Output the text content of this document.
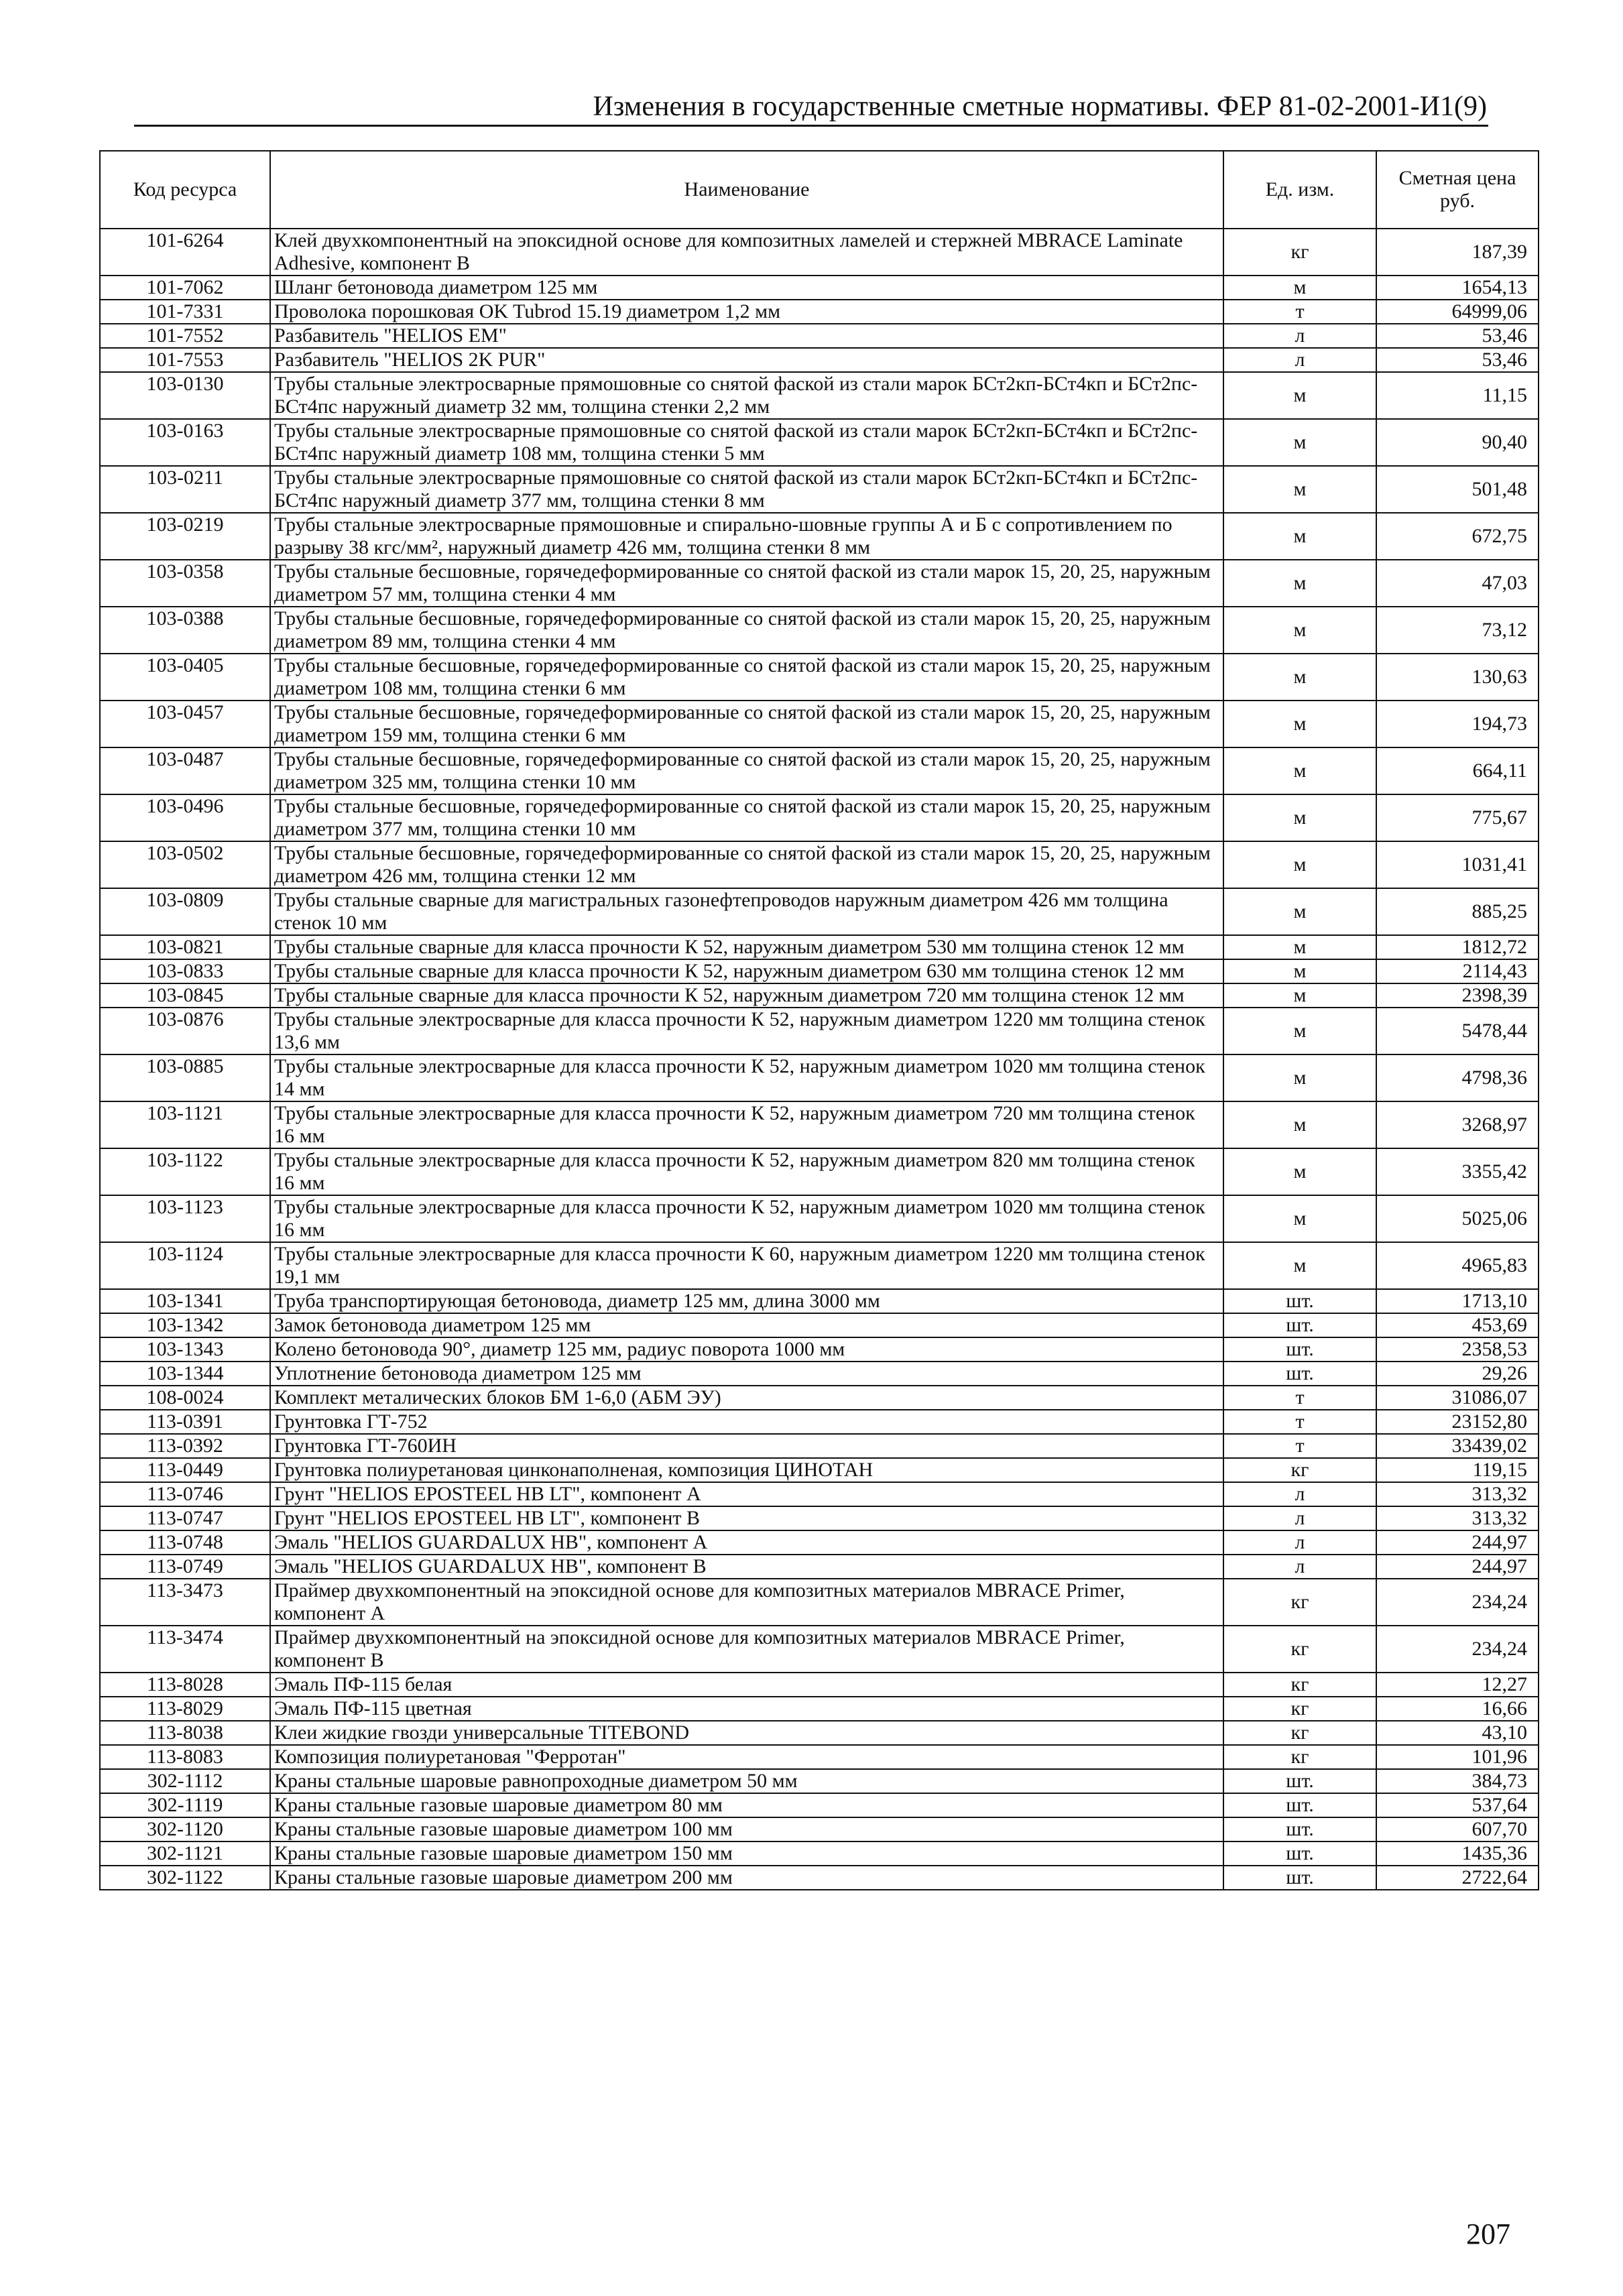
Изменения в государственные сметные нормативы. ФЕР 81-02-2001-И1(9)
Код ресурса	Наименование	Ед. изм.	Сметная цена руб.
101-6264	Клей двухкомпонентный на эпоксидной основе для композитных ламелей и стержней MBRACE Laminate Adhesive, компонент В	кг	187,39
101-7062	Шланг бетоновода диаметром 125 мм	м	1654,13
101-7331	Проволока порошковая OK Tubrod 15.19 диаметром 1,2 мм	т	64999,06
101-7552	Разбавитель "HELIOS EM"	л	53,46
101-7553	Разбавитель "HELIOS 2K PUR"	л	53,46
103-0130	Трубы стальные электросварные прямошовные со снятой фаской из стали марок БСт2кп-БСт4кп и БСт2пс-БСт4пс наружный диаметр 32 мм, толщина стенки 2,2 мм	м	11,15
103-0163	Трубы стальные электросварные прямошовные со снятой фаской из стали марок БСт2кп-БСт4кп и БСт2пс-БСт4пс наружный диаметр 108 мм, толщина стенки 5 мм	м	90,40
103-0211	Трубы стальные электросварные прямошовные со снятой фаской из стали марок БСт2кп-БСт4кп и БСт2пс-БСт4пс наружный диаметр 377 мм, толщина стенки 8 мм	м	501,48
103-0219	Трубы стальные электросварные прямошовные и спирально-шовные группы А и Б с сопротивлением по разрыву 38 кгс/мм², наружный диаметр 426 мм, толщина стенки 8 мм	м	672,75
103-0358	Трубы стальные бесшовные, горячедеформированные со снятой фаской из стали марок 15, 20, 25, наружным диаметром 57 мм, толщина стенки 4 мм	м	47,03
103-0388	Трубы стальные бесшовные, горячедеформированные со снятой фаской из стали марок 15, 20, 25, наружным диаметром 89 мм, толщина стенки 4 мм	м	73,12
103-0405	Трубы стальные бесшовные, горячедеформированные со снятой фаской из стали марок 15, 20, 25, наружным диаметром 108 мм, толщина стенки 6 мм	м	130,63
103-0457	Трубы стальные бесшовные, горячедеформированные со снятой фаской из стали марок 15, 20, 25, наружным диаметром 159 мм, толщина стенки 6 мм	м	194,73
103-0487	Трубы стальные бесшовные, горячедеформированные со снятой фаской из стали марок 15, 20, 25, наружным диаметром 325 мм, толщина стенки 10 мм	м	664,11
103-0496	Трубы стальные бесшовные, горячедеформированные со снятой фаской из стали марок 15, 20, 25, наружным диаметром 377 мм, толщина стенки 10 мм	м	775,67
103-0502	Трубы стальные бесшовные, горячедеформированные со снятой фаской из стали марок 15, 20, 25, наружным диаметром 426 мм, толщина стенки 12 мм	м	1031,41
103-0809	Трубы стальные сварные для магистральных газонефтепроводов наружным диаметром 426 мм толщина стенок 10 мм	м	885,25
103-0821	Трубы стальные сварные для класса прочности К 52, наружным диаметром 530 мм толщина стенок 12 мм	м	1812,72
103-0833	Трубы стальные сварные для класса прочности К 52, наружным диаметром 630 мм толщина стенок 12 мм	м	2114,43
103-0845	Трубы стальные сварные для класса прочности К 52, наружным диаметром 720 мм толщина стенок 12 мм	м	2398,39
103-0876	Трубы стальные электросварные для класса прочности К 52, наружным диаметром 1220 мм толщина стенок 13,6 мм	м	5478,44
103-0885	Трубы стальные электросварные для класса прочности К 52, наружным диаметром 1020 мм толщина стенок 14 мм	м	4798,36
103-1121	Трубы стальные электросварные для класса прочности К 52, наружным диаметром 720 мм толщина стенок 16 мм	м	3268,97
103-1122	Трубы стальные электросварные для класса прочности К 52, наружным диаметром 820 мм толщина стенок 16 мм	м	3355,42
103-1123	Трубы стальные электросварные для класса прочности К 52, наружным диаметром 1020 мм толщина стенок 16 мм	м	5025,06
103-1124	Трубы стальные электросварные для класса прочности К 60, наружным диаметром 1220 мм толщина стенок 19,1 мм	м	4965,83
103-1341	Труба транспортирующая бетоновода, диаметр 125 мм, длина 3000 мм	шт.	1713,10
103-1342	Замок бетоновода диаметром 125 мм	шт.	453,69
103-1343	Колено бетоновода 90°, диаметр 125 мм, радиус поворота 1000 мм	шт.	2358,53
103-1344	Уплотнение бетоновода диаметром 125 мм	шт.	29,26
108-0024	Комплект металических блоков БМ 1-6,0 (АБМ ЭУ)	т	31086,07
113-0391	Грунтовка ГТ-752	т	23152,80
113-0392	Грунтовка ГТ-760ИН	т	33439,02
113-0449	Грунтовка полиуретановая цинконаполненая, композиция ЦИНОТАН	кг	119,15
113-0746	Грунт "HELIOS EPOSTEEL HB LT", компонент А	л	313,32
113-0747	Грунт "HELIOS EPOSTEEL HB LT", компонент В	л	313,32
113-0748	Эмаль "HELIOS GUARDALUX HB", компонент А	л	244,97
113-0749	Эмаль "HELIOS GUARDALUX HB", компонент В	л	244,97
113-3473	Праймер двухкомпонентный на эпоксидной основе для композитных материалов MBRACE Primer, компонент А	кг	234,24
113-3474	Праймер двухкомпонентный на эпоксидной основе для композитных материалов MBRACE Primer, компонент В	кг	234,24
113-8028	Эмаль ПФ-115 белая	кг	12,27
113-8029	Эмаль ПФ-115 цветная	кг	16,66
113-8038	Клеи жидкие гвозди универсальные TITEBOND	кг	43,10
113-8083	Композиция полиуретановая "Ферротан"	кг	101,96
302-1112	Краны стальные шаровые равнопроходные диаметром 50 мм	шт.	384,73
302-1119	Краны стальные газовые шаровые диаметром 80 мм	шт.	537,64
302-1120	Краны стальные газовые шаровые диаметром 100 мм	шт.	607,70
302-1121	Краны стальные газовые шаровые диаметром 150 мм	шт.	1435,36
302-1122	Краны стальные газовые шаровые диаметром 200 мм	шт.	2722,64
207
